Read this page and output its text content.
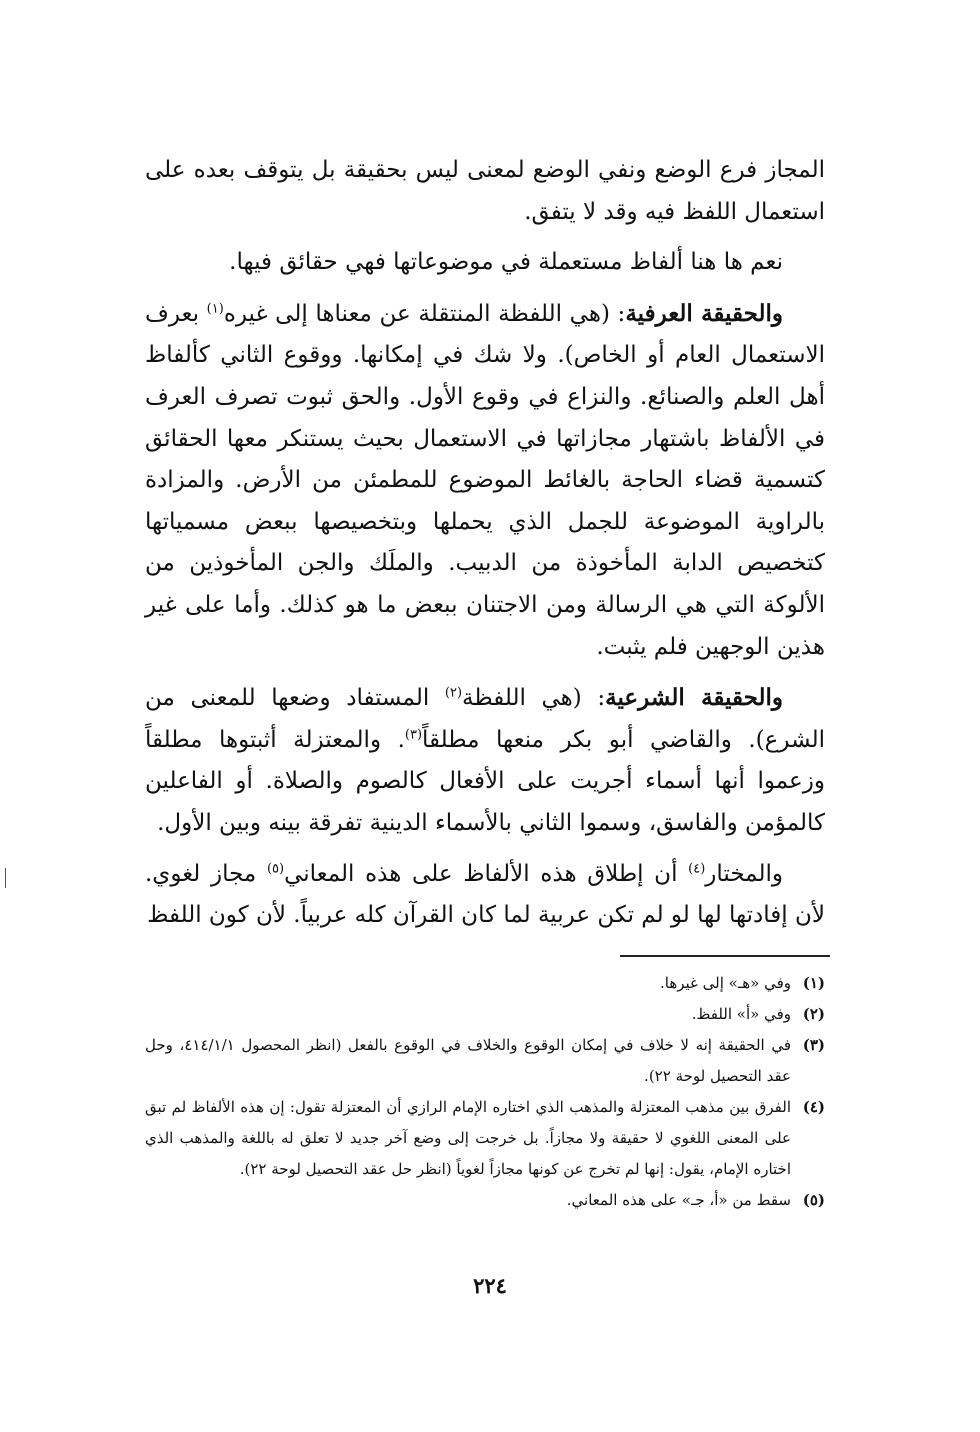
المجاز فرع الوضع ونفي الوضع لمعنى ليس بحقيقة بل يتوقف بعده على استعمال اللفظ فيه وقد لا يتفق.

نعم ها هنا ألفاظ مستعملة في موضوعاتها فهي حقائق فيها.

والحقيقة العرفية: (هي اللفظة المنتقلة عن معناها إلى غيره$^{(١)}$ بعرف الاستعمال العام أو الخاص). ولا شك في إمكانها. ووقوع الثاني كألفاظ أهل العلم والصنائع. والنزاع في وقوع الأول. والحق ثبوت تصرف العرف في الألفاظ باشتهار مجازاتها في الاستعمال بحيث يستنكر معها الحقائق كتسمية قضاء الحاجة بالغائط الموضوع للمطمئن من الأرض. والمزادة بالراوية الموضوعة للجمل الذي يحملها وبتخصيصها ببعض مسمياتها كتخصيص الدابة المأخوذة من الدبيب. والملَك والجن المأخوذين من الألوكة التي هي الرسالة ومن الاجتنان ببعض ما هو كذلك. وأما على غير هذين الوجهين فلم يثبت.

والحقيقة الشرعية: (هي اللفظة$^{(٢)}$ المستفاد وضعها للمعنى من الشرع). والقاضي أبو بكر منعها مطلقاً$^{(٣)}$. والمعتزلة أثبتوها مطلقاً وزعموا أنها أسماء أجريت على الأفعال كالصوم والصلاة. أو الفاعلين كالمؤمن والفاسق، وسموا الثاني بالأسماء الدينية تفرقة بينه وبين الأول.

والمختار$^{(٤)}$ أن إطلاق هذه الألفاظ على هذه المعاني$^{(٥)}$ مجاز لغوي. لأن إفادتها لها لو لم تكن عربية لما كان القرآن كله عربياً. لأن كون اللفظ

(١)
وفي «هـ» إلى غيرها.
(٢)
وفي «أ» اللفظ.
(٣)
في الحقيقة إنه لا خلاف في إمكان الوقوع والخلاف في الوقوع بالفعل (انظر المحصول ٤١٤/١/١، وحل عقد التحصيل لوحة ٢٢).
(٤)
الفرق بين مذهب المعتزلة والمذهب الذي اختاره الإمام الرازي أن المعتزلة تقول: إن هذه الألفاظ لم تبق على المعنى اللغوي لا حقيقة ولا مجازاً. بل خرجت إلى وضع آخر جديد لا تعلق له باللغة والمذهب الذي اختاره الإمام، يقول: إنها لم تخرج عن كونها مجازاً لغوياً (انظر حل عقد التحصيل لوحة ٢٢).
(٥)
سقط من «أ، جـ» على هذه المعاني.
٢٢٤
